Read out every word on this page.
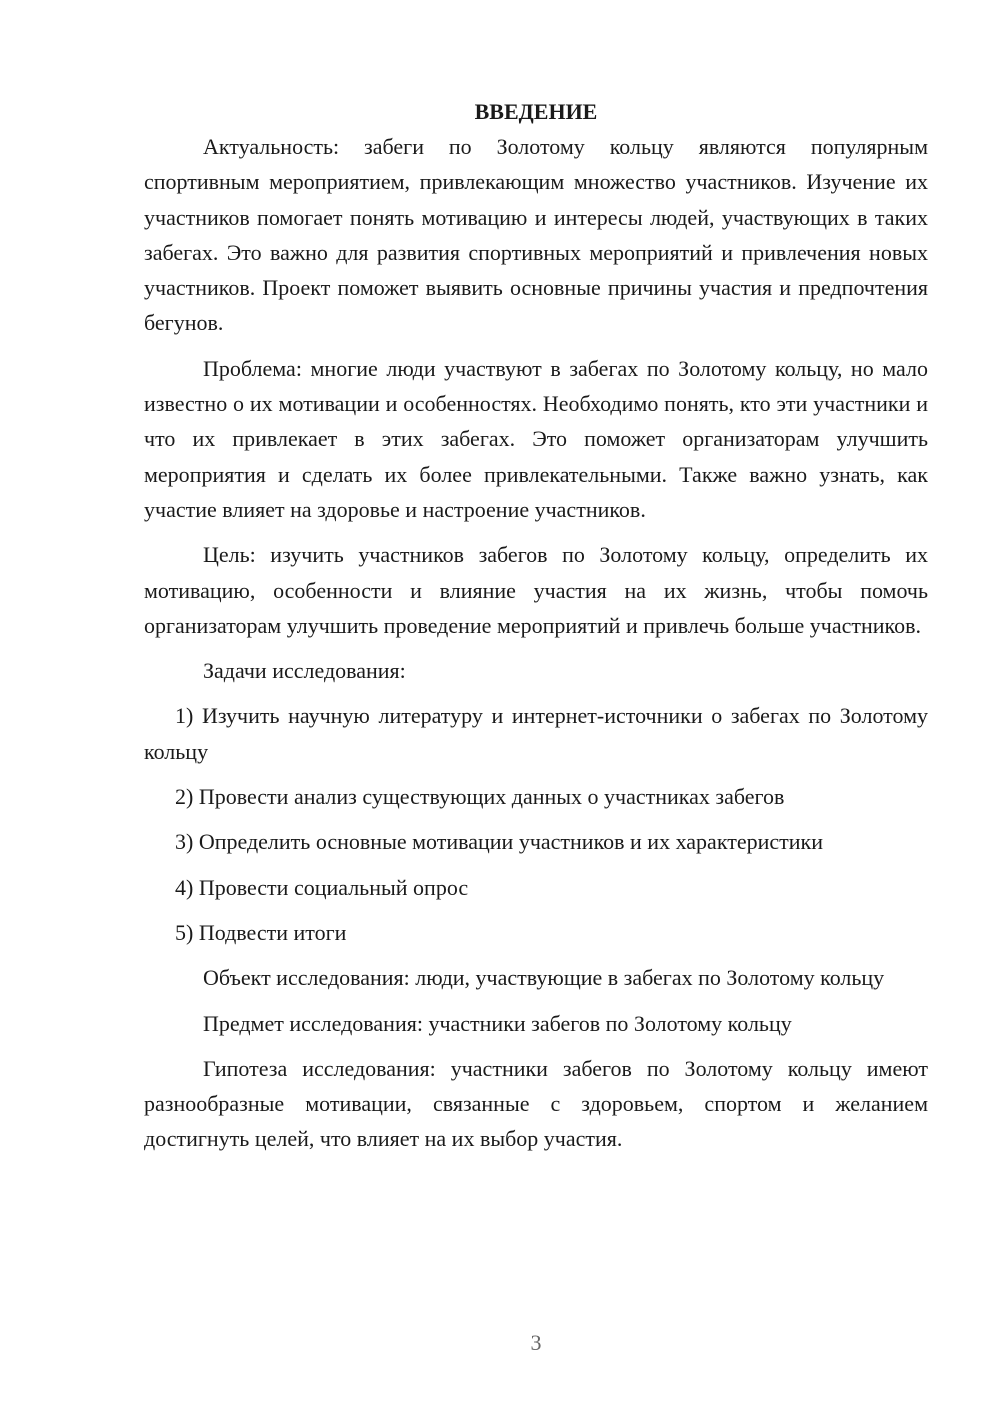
ВВЕДЕНИЕ

Актуальность: забеги по Золотому кольцу являются популярным спортивным мероприятием, привлекающим множество участников. Изучение их участников помогает понять мотивацию и интересы людей, участвующих в таких забегах. Это важно для развития спортивных мероприятий и привлечения новых участников. Проект поможет выявить основные причины участия и предпочтения бегунов.

Проблема: многие люди участвуют в забегах по Золотому кольцу, но мало известно о их мотивации и особенностях. Необходимо понять, кто эти участники и что их привлекает в этих забегах. Это поможет организаторам улучшить мероприятия и сделать их более привлекательными. Также важно узнать, как участие влияет на здоровье и настроение участников.

Цель: изучить участников забегов по Золотому кольцу, определить их мотивацию, особенности и влияние участия на их жизнь, чтобы помочь организаторам улучшить проведение мероприятий и привлечь больше участников.

Задачи исследования:

1) Изучить научную литературу и интернет-источники о забегах по Золотому кольцу

2) Провести анализ существующих данных о участниках забегов

3) Определить основные мотивации участников и их характеристики

4) Провести социальный опрос

5) Подвести итоги

Объект исследования: люди, участвующие в забегах по Золотому кольцу

Предмет исследования: участники забегов по Золотому кольцу

Гипотеза исследования: участники забегов по Золотому кольцу имеют разнообразные мотивации, связанные с здоровьем, спортом и желанием достигнуть целей, что влияет на их выбор участия.

3
